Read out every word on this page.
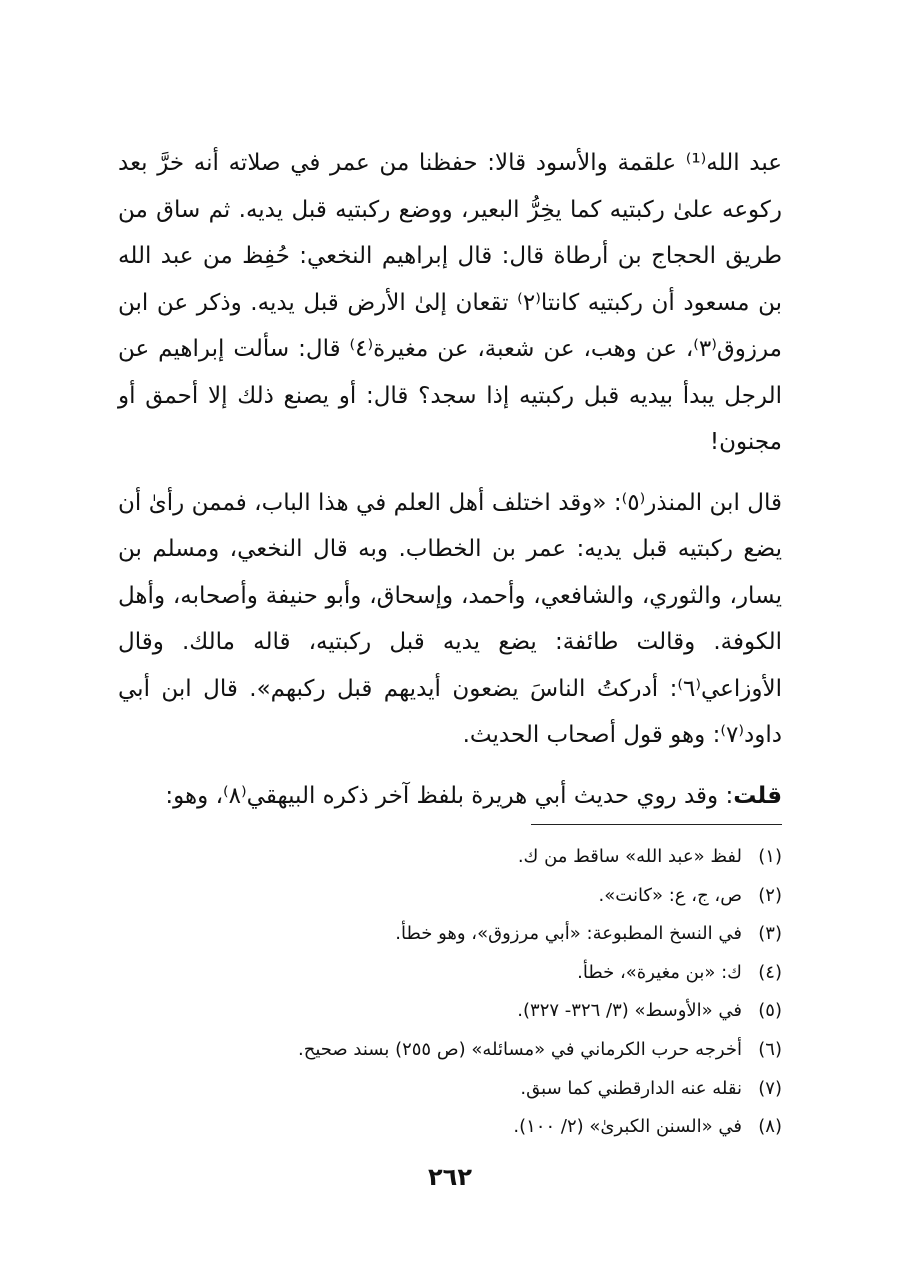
عبد الله⁽¹⁾ علقمة والأسود قالا: حفظنا من عمر في صلاته أنه خرَّ بعد ركوعه علىٰ ركبتيه كما يخِرُّ البعير، ووضع ركبتيه قبل يديه. ثم ساق من طريق الحجاج بن أرطاة قال: قال إبراهيم النخعي: حُفِظ من عبد الله بن مسعود أن ركبتيه كانتا⁽٢⁾ تقعان إلىٰ الأرض قبل يديه. وذكر عن ابن مرزوق⁽٣⁾، عن وهب، عن شعبة، عن مغيرة⁽٤⁾ قال: سألت إبراهيم عن الرجل يبدأ بيديه قبل ركبتيه إذا سجد؟ قال: أو يصنع ذلك إلا أحمق أو مجنون!

قال ابن المنذر⁽٥⁾: «وقد اختلف أهل العلم في هذا الباب، فممن رأىٰ أن يضع ركبتيه قبل يديه: عمر بن الخطاب. وبه قال النخعي، ومسلم بن يسار، والثوري، والشافعي، وأحمد، وإسحاق، وأبو حنيفة وأصحابه، وأهل الكوفة. وقالت طائفة: يضع يديه قبل ركبتيه، قاله مالك. وقال الأوزاعي⁽٦⁾: أدركتُ الناسَ يضعون أيديهم قبل ركبهم». قال ابن أبي داود⁽٧⁾: وهو قول أصحاب الحديث.

قلت: وقد روي حديث أبي هريرة بلفظ آخر ذكره البيهقي⁽٨⁾، وهو:

(١)
لفظ «عبد الله» ساقط من ك.
(٢)
ص، ج، ع: «كانت».
(٣)
في النسخ المطبوعة: «أبي مرزوق»، وهو خطأ.
(٤)
ك: «بن مغيرة»، خطأ.
(٥)
في «الأوسط» (٣/ ٣٢٦- ٣٢٧).
(٦)
أخرجه حرب الكرماني في «مسائله» (ص ٢٥٥) بسند صحيح.
(٧)
نقله عنه الدارقطني كما سبق.
(٨)
في «السنن الكبرىٰ» (٢/ ١٠٠).
٢٦٢
